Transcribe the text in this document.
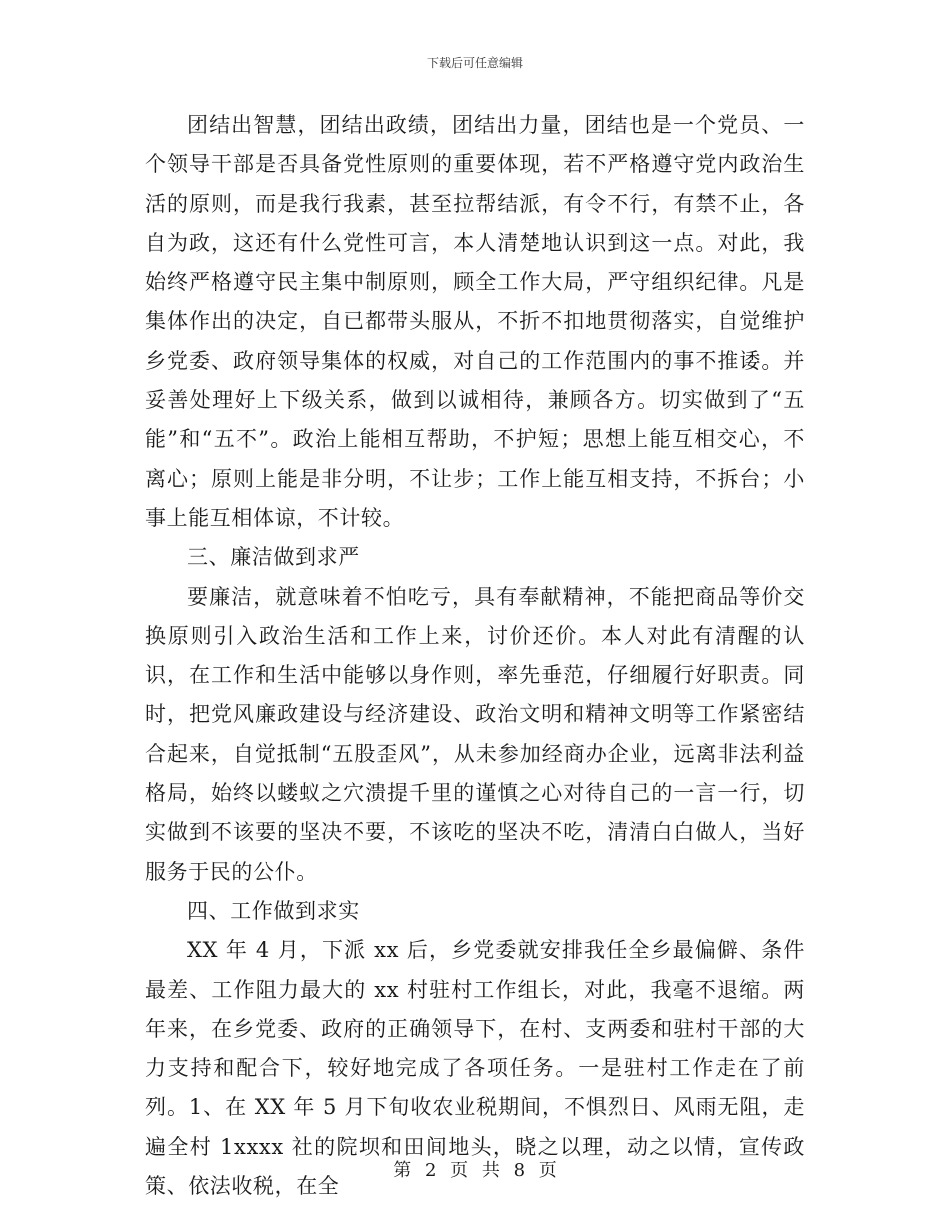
下载后可任意编辑

团结出智慧，团结出政绩，团结出力量，团结也是一个党员、一个领导干部是否具备党性原则的重要体现，若不严格遵守党内政治生活的原则，而是我行我素，甚至拉帮结派，有令不行，有禁不止，各自为政，这还有什么党性可言，本人清楚地认识到这一点。对此，我始终严格遵守民主集中制原则，顾全工作大局，严守组织纪律。凡是集体作出的决定，自已都带头服从，不折不扣地贯彻落实，自觉维护乡党委、政府领导集体的权威，对自己的工作范围内的事不推诿。并妥善处理好上下级关系，做到以诚相待，兼顾各方。切实做到了“五能”和“五不”。政治上能相互帮助，不护短；思想上能互相交心，不离心；原则上能是非分明，不让步；工作上能互相支持，不拆台；小事上能互相体谅，不计较。

三、廉洁做到求严

要廉洁，就意味着不怕吃亏，具有奉献精神，不能把商品等价交换原则引入政治生活和工作上来，讨价还价。本人对此有清醒的认识，在工作和生活中能够以身作则，率先垂范，仔细履行好职责。同时，把党风廉政建设与经济建设、政治文明和精神文明等工作紧密结合起来，自觉抵制“五股歪风”，从未参加经商办企业，远离非法利益格局，始终以蝼蚁之穴溃提千里的谨慎之心对待自己的一言一行，切实做到不该要的坚决不要，不该吃的坚决不吃，清清白白做人，当好服务于民的公仆。

四、工作做到求实

XX 年 4 月，下派 xx 后，乡党委就安排我任全乡最偏僻、条件最差、工作阻力最大的 xx 村驻村工作组长，对此，我毫不退缩。两年来，在乡党委、政府的正确领导下，在村、支两委和驻村干部的大力支持和配合下，较好地完成了各项任务。一是驻村工作走在了前列。1、在 XX 年 5 月下旬收农业税期间，不惧烈日、风雨无阻，走遍全村 1xxxx 社的院坝和田间地头，晓之以理，动之以情，宣传政策、依法收税，在全

第 2 页 共 8 页
